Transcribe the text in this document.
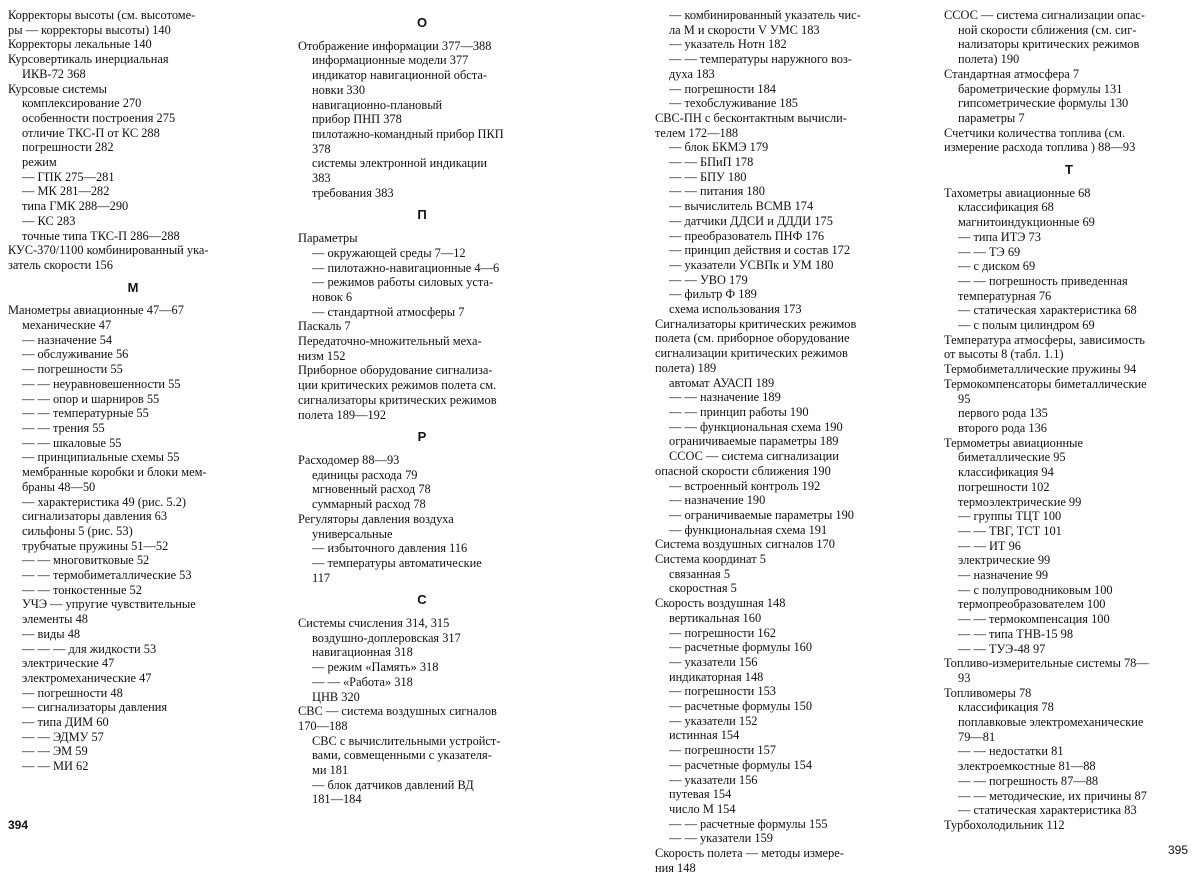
Корректоры высоты (см. высотоме-
ры — корректоры высоты) 140
Корректоры лекальные 140
Курсовертикаль инерциальная
ИКВ-72 368
Курсовые системы
комплексирование 270
особенности построения 275
отличие ТКС-П от КС 288
погрешности 282
режим
— ГПК 275—281
— МК 281—282
типа ГМК 288—290
— КС 283
точные типа ТКС-П 286—288
КУС-370/1100 комбинированный ука-
затель скорости 156
М
Манометры авиационные 47—67
механические 47
— назначение 54
— обслуживание 56
— погрешности 55
— — неуравновешенности 55
— — опор и шарниров 55
— — температурные 55
— — трения 55
— — шкаловые 55
— принципиальные схемы 55
мембранные коробки и блоки мем-
браны 48—50
— характеристика 49 (рис. 5.2)
сигнализаторы давления 63
сильфоны 5 (рис. 53)
трубчатые пружины 51—52
— — многовитковые 52
— — термобиметаллические 53
— — тонкостенные 52
УЧЭ — упругие чувствительные
элементы 48
— виды 48
— — — для жидкости 53
электрические 47
электромеханические 47
— погрешности 48
— сигнализаторы давления
— типа ДИМ 60
— — ЭДМУ 57
— — ЭМ 59
— — МИ 62
О
Отображение информации 377—388
информационные модели 377
индикатор навигационной обста-
новки 330
навигационно-плановый
прибор ПНП 378
пилотажно-командный прибор ПКП
378
системы электронной индикации
383
требования 383
П
Параметры
— окружающей среды 7—12
— пилотажно-навигационные 4—6
— режимов работы силовых уста-
новок 6
— стандартной атмосферы 7
Паскаль 7
Передаточно-множительный меха-
низм 152
Приборное оборудование сигнализа-
ции критических режимов полета см.
сигнализаторы критических режимов
полета 189—192
Р
Расходомер 88—93
единицы расхода 79
мгновенный расход 78
суммарный расход 78
Регуляторы давления воздуха
универсальные
— избыточного давления 116
— температуры автоматические
117
С
Системы счисления 314, 315
воздушно-доплеровская 317
навигационная 318
— режим «Память» 318
— — «Работа» 318
ЦНВ 320
СВС — система воздушных сигналов
170—188
СВС с вычислительными устройст-
вами, совмещенными с указателя-
ми 181
— блок датчиков давлений ВД
181—184
— комбинированный указатель чис-
ла М и скорости V УМС 183
— указатель Hотн 182
— — температуры наружного воз-
духа 183
— погрешности 184
— техобслуживание 185
СВС-ПН с бесконтактным вычисли-
телем 172—188
— блок БКМЭ 179
— — БПиП 178
— — БПУ 180
— — питания 180
— вычислитель ВСМВ 174
— датчики ДДСИ и ДДДИ 175
— преобразователь ПНФ 176
— принцип действия и состав 172
— указатели УСВПк и УМ 180
— — УВО 179
— фильтр Ф 189
схема использования 173
Сигнализаторы критических режимов
полета (см. приборное оборудование
сигнализации критических режимов
полета) 189
автомат АУАСП 189
— — назначение 189
— — принцип работы 190
— — функциональная схема 190
ограничиваемые параметры 189
ССОС — система сигнализации
опасной скорости сближения 190
— встроенный контроль 192
— назначение 190
— ограничиваемые параметры 190
— функциональная схема 191
Система воздушных сигналов 170
Система координат 5
связанная 5
скоростная 5
Скорость воздушная 148
вертикальная 160
— погрешности 162
— расчетные формулы 160
— указатели 156
индикаторная 148
— погрешности 153
— расчетные формулы 150
— указатели 152
истинная 154
— погрешности 157
— расчетные формулы 154
— указатели 156
путевая 154
число М 154
— — расчетные формулы 155
— — указатели 159
Скорость полета — методы измере-
ния 148
ССОС — система сигнализации опас-
ной скорости сближения (см. сиг-
нализаторы критических режимов
полета) 190
Стандартная атмосфера 7
барометрические формулы 131
гипсометрические формулы 130
параметры 7
Счетчики количества топлива (см.
измерение расхода топлива ) 88—93
Т
Тахометры авиационные 68
классификация 68
магнитоиндукционные 69
— типа ИТЭ 73
— — ТЭ 69
— с диском 69
— — погрешность приведенная
температурная 76
— статическая характеристика 68
— с полым цилиндром 69
Температура атмосферы, зависимость
от высоты 8 (табл. 1.1)
Термобиметаллические пружины 94
Термокомпенсаторы биметаллические
95
первого рода 135
второго рода 136
Термометры авиационные
биметаллические 95
классификация 94
погрешности 102
термоэлектрические 99
— группы ТЦТ 100
— — ТВГ, ТСТ 101
— — ИТ 96
электрические 99
— назначение 99
— с полупроводниковым 100
термопреобразователем 100
— — термокомпенсация 100
— — типа ТНВ-15 98
— — ТУЭ-48 97
Топливо-измерительные системы 78—
93
Топливомеры 78
классификация 78
поплавковые электромеханические
79—81
— — недостатки 81
электроемкостные 81—88
— — погрешность 87—88
— — методические, их причины 87
— статическая характеристика 83
Турбохолодильник 112
394
395
